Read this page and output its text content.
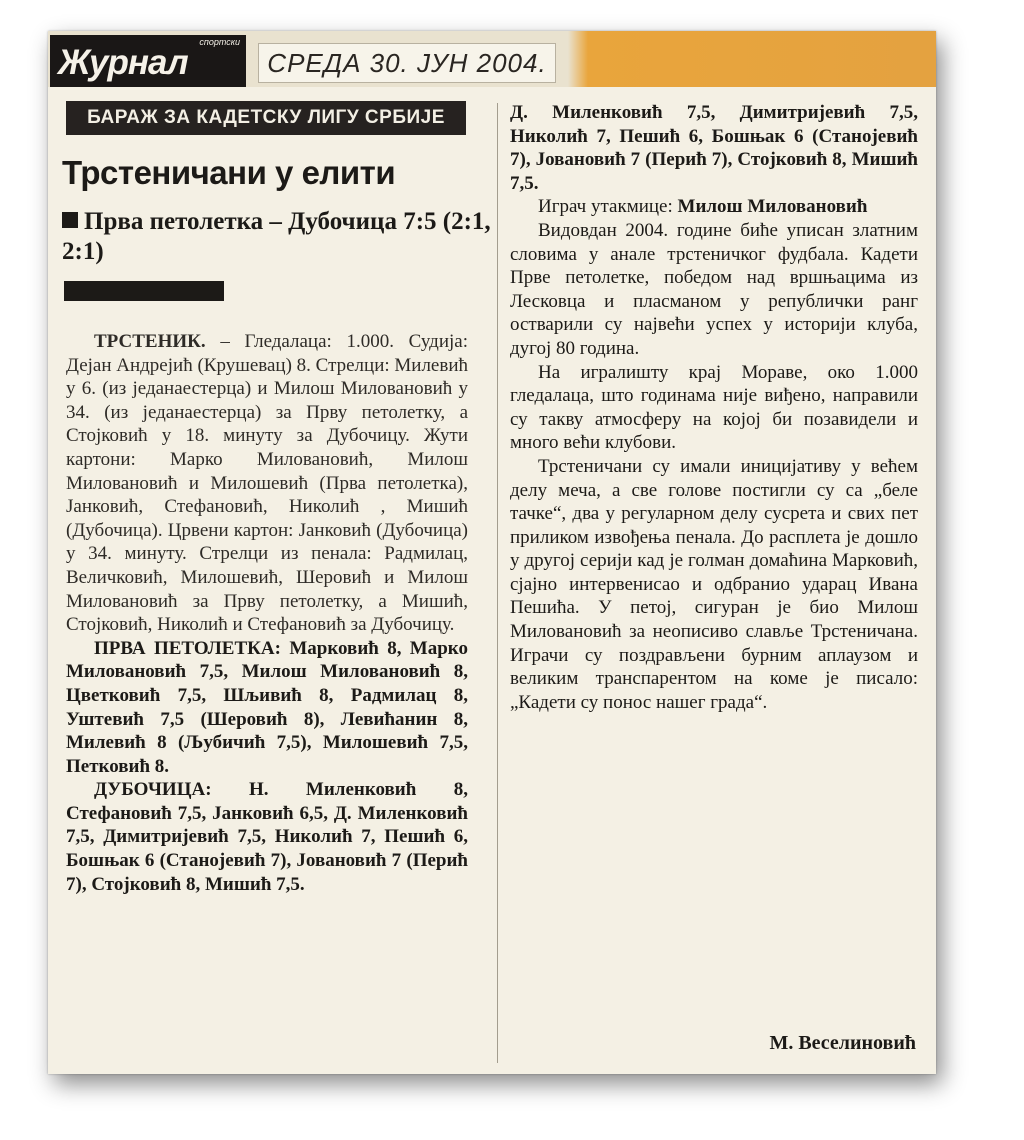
спортски
Журнал	СРЕДА 30. ЈУН 2004.
БАРАЖ ЗА КАДЕТСКУ ЛИГУ СРБИЈЕ
Трстеничани у елити
Прва петолетка – Дубочица 7:5 (2:1, 2:1)

ТРСТЕНИК. – Гледалаца: 1.000. Судија: Дејан Андрејић (Крушевац) 8. Стрелци: Милевић у 6. (из једанаестерца) и Милош Миловановић у 34. (из једанаестерца) за Прву петолетку, а Стојковић у 18. минуту за Дубочицу. Жути картони: Марко Миловановић, Милош Миловановић и Милошевић (Прва петолетка), Јанковић, Стефановић, Николић , Мишић (Дубочица). Црвени картон: Јанковић (Дубочица) у 34. минуту. Стрелци из пенала: Радмилац, Величковић, Милошевић, Шеровић и Милош Миловановић за Прву петолетку, а Мишић, Стојковић, Николић и Стефановић за Дубочицу.

ПРВА ПЕТОЛЕТКА: Марковић 8, Марко Миловановић 7,5, Милош Миловановић 8, Цветковић 7,5, Шљивић 8, Радмилац 8, Уштевић 7,5 (Шеровић 8), Левићанин 8, Милевић 8 (Љубичић 7,5), Милошевић 7,5, Петковић 8.

ДУБОЧИЦА: Н. Миленковић 8, Стефановић 7,5, Јанковић 6,5, Д. Миленковић 7,5, Димитријевић 7,5, Николић 7, Пешић 6, Бошњак 6 (Станојевић 7), Јовановић 7 (Перић 7), Стојковић 8, Мишић 7,5.

Д. Миленковић 7,5, Димитријевић 7,5, Николић 7, Пешић 6, Бошњак 6 (Станојевић 7), Јовановић 7 (Перић 7), Стојковић 8, Мишић 7,5.

Играч утакмице: Милош Миловановић

Видовдан 2004. године биће уписан златним словима у анале трстеничког фудбала. Кадети Прве петолетке, победом над вршњацима из Лесковца и пласманом у републички ранг остварили су највећи успех у историји клуба, дугој 80 година.

На игралишту крај Мораве, око 1.000 гледалаца, што годинама није виђено, направили су такву атмосферу на којој би позавидели и много већи клубови.

Трстеничани су имали иницијативу у већем делу меча, а све голове постигли су са „беле тачке“, два у регуларном делу сусрета и свих пет приликом извођења пенала. До расплета је дошло у другој серији кад је голман домаћина Марковић, сјајно интервенисао и одбранио ударац Ивана Пешића. У петој, сигуран је био Милош Миловановић за неописиво славље Трстеничана. Играчи су поздрављени бурним аплаузом и великим транспарентом на коме је писало: „Кадети су понос нашег града“.

М. Веселиновић
